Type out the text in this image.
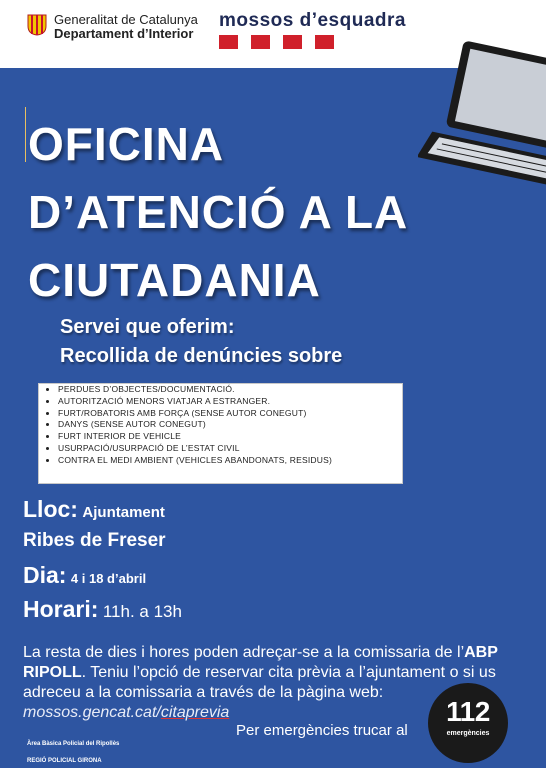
Generalitat de Catalunya
Departament d’Interior
mossos d’esquadra
OFICINA
D’ATENCIÓ A LA
CIUTADANIA
Servei que oferim:
Recollida de denúncies sobre
• PERDUES D’OBJECTES/DOCUMENTACIÓ.
• AUTORITZACIÓ MENORS VIATJAR A ESTRANGER.
• FURT/ROBATORIS AMB FORÇA (SENSE AUTOR CONEGUT)
• DANYS (SENSE AUTOR CONEGUT)
• FURT INTERIOR DE VEHICLE
• USURPACIÓ/USURPACIÓ DE L’ESTAT CIVIL
• CONTRA EL MEDI AMBIENT (VEHICLES ABANDONATS, RESIDUS)
Lloc: Ajuntament
Ribes de Freser
Dia: 4 i 18 d’abril
Horari: 11h. a 13h
La resta de dies i hores poden adreçar-se a la comissaria de l’ABP RIPOLL. Teniu l’opció de reservar cita prèvia a l’ajuntament o si us adreceu a la comissaria a través de la pàgina web:
mossos.gencat.cat/citaprevia
Per emergències trucar al
112
emergències
Àrea Bàsica Policial del Ripollès
REGIÓ POLICIAL GIRONA
